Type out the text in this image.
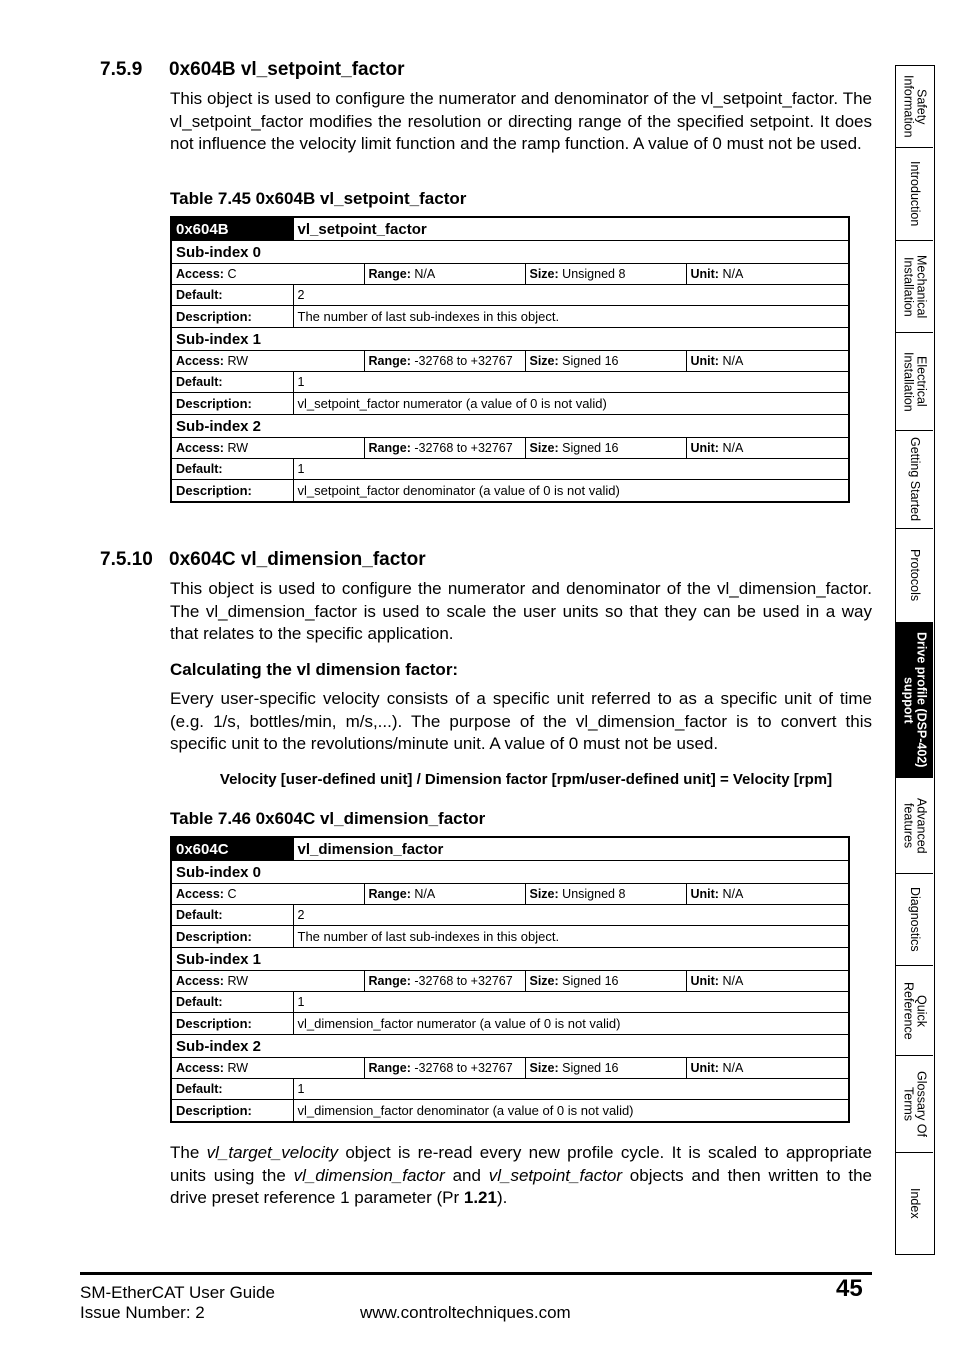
7.5.9 0x604B vl_setpoint_factor

This object is used to configure the numerator and denominator of the vl_setpoint_factor. The vl_setpoint_factor modifies the resolution or directing range of the specified setpoint. It does not influence the velocity limit function and the ramp function. A value of 0 must not be used.

Table 7.45 0x604B vl_setpoint_factor

0x604B	vl_setpoint_factor			
Sub-index 0				
Access: C		Range: N/A	Size: Unsigned 8	Unit: N/A
Default:	2			
Description:	The number of last sub-indexes in this object.			
Sub-index 1				
Access: RW		Range: -32768 to +32767	Size: Signed 16	Unit: N/A
Default:	1			
Description:	vl_setpoint_factor numerator (a value of 0 is not valid)			
Sub-index 2				
Access: RW		Range: -32768 to +32767	Size: Signed 16	Unit: N/A
Default:	1			
Description:	vl_setpoint_factor denominator (a value of 0 is not valid)			
7.5.10 0x604C vl_dimension_factor

This object is used to configure the numerator and denominator of the vl_dimension_factor. The vl_dimension_factor is used to scale the user units so that they can be used in a way that relates to the specific application.

Calculating the vl dimension factor:

Every user-specific velocity consists of a specific unit referred to as a specific unit of time (e.g. 1/s, bottles/min, m/s,...). The purpose of the vl_dimension_factor is to convert this specific unit to the revolutions/minute unit. A value of 0 must not be used.

Velocity [user-defined unit] / Dimension factor [rpm/user-defined unit] = Velocity [rpm]

Table 7.46 0x604C vl_dimension_factor

0x604C	vl_dimension_factor			
Sub-index 0				
Access: C		Range: N/A	Size: Unsigned 8	Unit: N/A
Default:	2			
Description:	The number of last sub-indexes in this object.			
Sub-index 1				
Access: RW		Range: -32768 to +32767	Size: Signed 16	Unit: N/A
Default:	1			
Description:	vl_dimension_factor numerator (a value of 0 is not valid)			
Sub-index 2				
Access: RW		Range: -32768 to +32767	Size: Signed 16	Unit: N/A
Default:	1			
Description:	vl_dimension_factor denominator (a value of 0 is not valid)			

The vl_target_velocity object is re-read every new profile cycle. It is scaled to appropriate units using the vl_dimension_factor and vl_setpoint_factor objects and then written to the drive preset reference 1 parameter (Pr 1.21).

Safety
Information
Introduction
Mechanical
Installation
Electrical
Installation
Getting Started
Protocols
Drive profile (DSP-402)
support
Advanced
features
Diagnostics
Quick
Reference
Glossary Of
Terms
Index

SM-EtherCAT User Guide

Issue Number: 2	www.controltechniques.com

45
